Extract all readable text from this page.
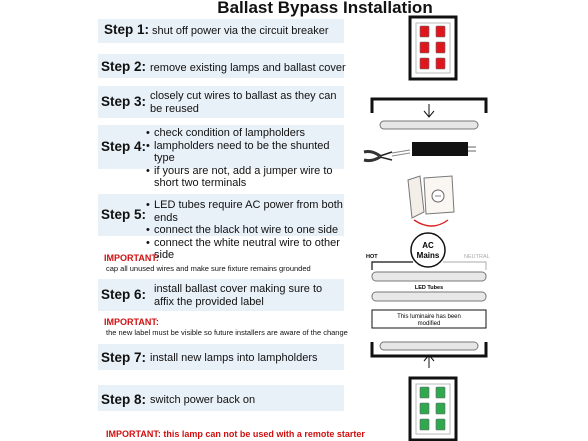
Ballast Bypass Installation
Step 1: shut off power via the circuit breaker
Step 2: remove existing lamps and ballast cover
Step 3: closely cut wires to ballast as they can be reused
Step 4:
• check condition of lampholders
• lampholders need to be the shunted type
• if yours are not, add a jumper wire to short two terminals
Step 5:
• LED tubes require AC power from both ends
• connect the black hot wire to one side
• connect the white neutral wire to other side
IMPORTANT:
cap all unused wires and make sure fixture remains grounded
Step 6: install ballast cover making sure to affix the provided label
IMPORTANT:
the new label must be visible so future installers are aware of the change
Step 7: install new lamps into lampholders
Step 8: switch power back on
IMPORTANT: this lamp can not be used with a remote starter
AC
Mains
HOT	NEUTRAL
LED Tubes
This luminaire has been
modified
